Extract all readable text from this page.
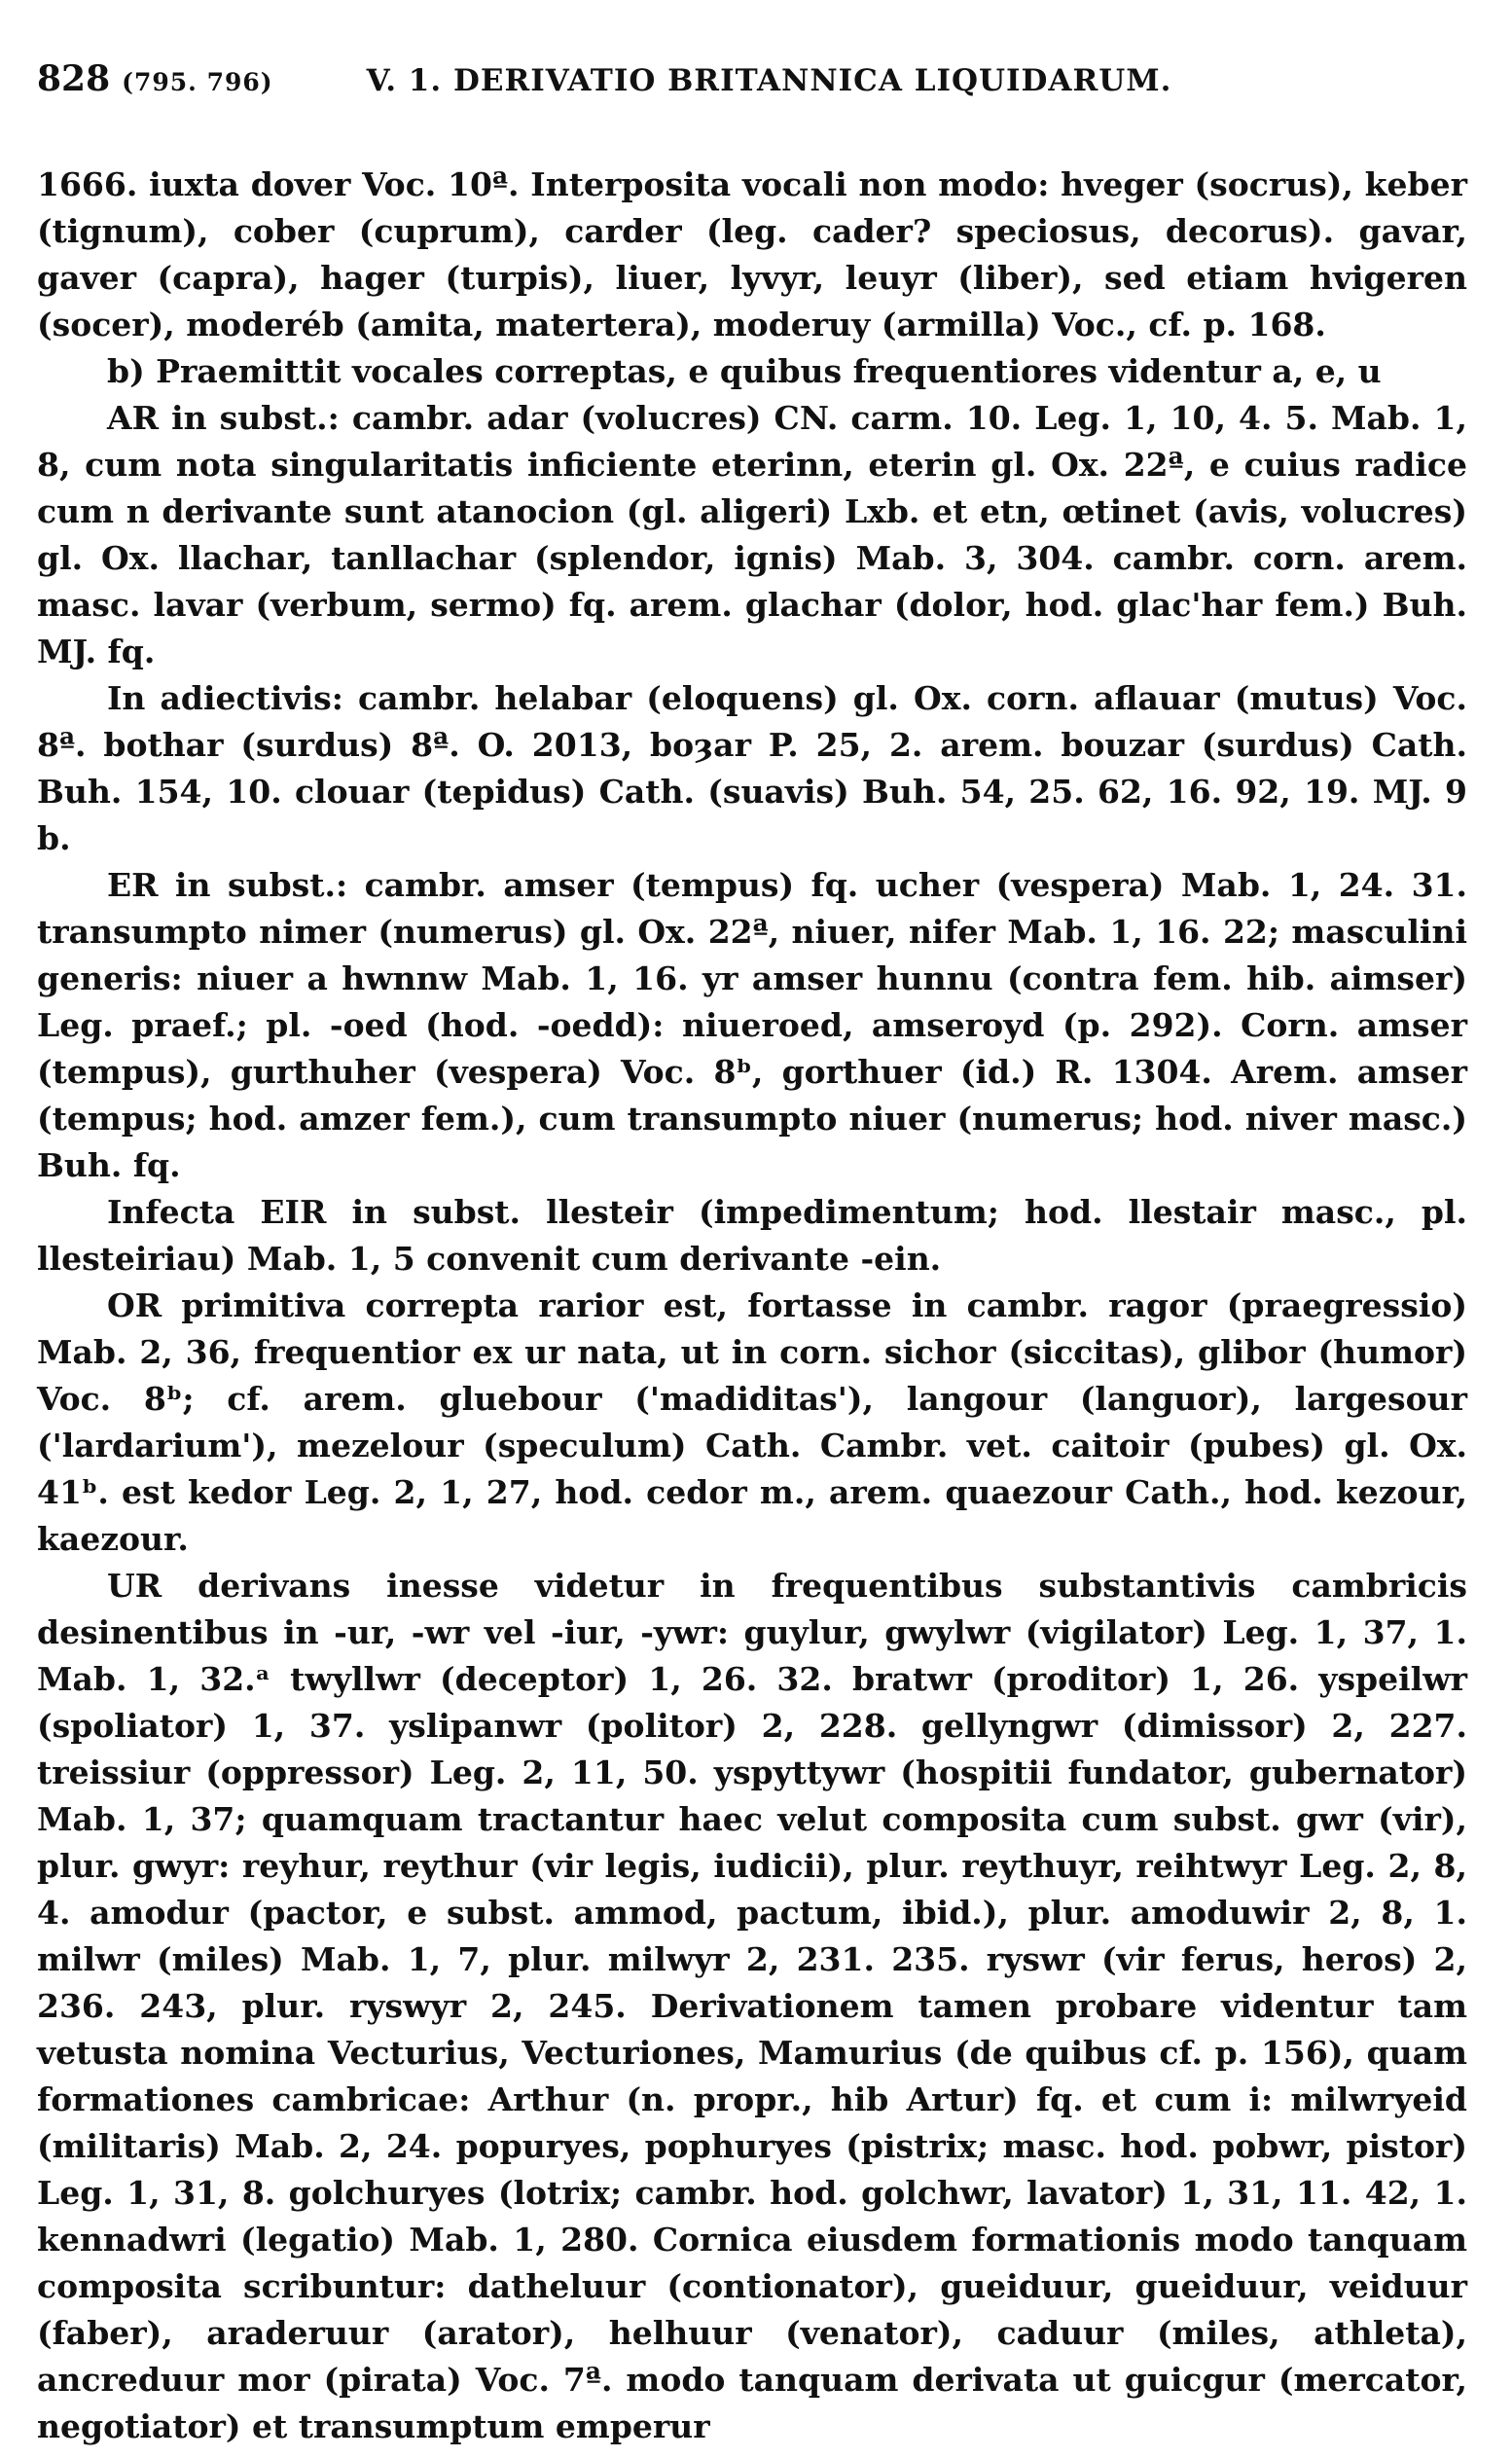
828 (795. 796)	V. 1. DERIVATIO BRITANNICA LIQUIDARUM.

1666. iuxta dover Voc. 10ª. Interposita vocali non modo: hveger (socrus), keber (tignum), cober (cuprum), carder (leg. cader? speciosus, decorus). gavar, gaver (capra), hager (turpis), liuer, lyvyr, leuyr (liber), sed etiam hvigeren (socer), moderéb (amita, matertera), moderuy (armilla) Voc., cf. p. 168.

b) Praemittit vocales correptas, e quibus frequentiores videntur a, e, u

AR in subst.: cambr. adar (volucres) CN. carm. 10. Leg. 1, 10, 4. 5. Mab. 1, 8, cum nota singularitatis inficiente eterinn, eterin gl. Ox. 22ª, e cuius radice cum n derivante sunt atanocion (gl. aligeri) Lxb. et etn, œtinet (avis, volucres) gl. Ox. llachar, tanllachar (splendor, ignis) Mab. 3, 304. cambr. corn. arem. masc. lavar (verbum, sermo) fq. arem. glachar (dolor, hod. glac'har fem.) Buh. MJ. fq.

In adiectivis: cambr. helabar (eloquens) gl. Ox. corn. aflauar (mutus) Voc. 8ª. bothar (surdus) 8ª. O. 2013, boȝar P. 25, 2. arem. bouzar (surdus) Cath. Buh. 154, 10. clouar (tepidus) Cath. (suavis) Buh. 54, 25. 62, 16. 92, 19. MJ. 9 b.

ER in subst.: cambr. amser (tempus) fq. ucher (vespera) Mab. 1, 24. 31. transumpto nimer (numerus) gl. Ox. 22ª, niuer, nifer Mab. 1, 16. 22; masculini generis: niuer a hwnnw Mab. 1, 16. yr amser hunnu (contra fem. hib. aimser) Leg. praef.; pl. -oed (hod. -oedd): niueroed, amseroyd (p. 292). Corn. amser (tempus), gurthuher (vespera) Voc. 8ᵇ, gorthuer (id.) R. 1304. Arem. amser (tempus; hod. amzer fem.), cum transumpto niuer (numerus; hod. niver masc.) Buh. fq.

Infecta EIR in subst. llesteir (impedimentum; hod. llestair masc., pl. llesteiriau) Mab. 1, 5 convenit cum derivante -ein.

OR primitiva correpta rarior est, fortasse in cambr. ragor (praegressio) Mab. 2, 36, frequentior ex ur nata, ut in corn. sichor (siccitas), glibor (humor) Voc. 8ᵇ; cf. arem. gluebour ('madiditas'), langour (languor), largesour ('lardarium'), mezelour (speculum) Cath. Cambr. vet. caitoir (pubes) gl. Ox. 41ᵇ. est kedor Leg. 2, 1, 27, hod. cedor m., arem. quaezour Cath., hod. kezour, kaezour.

UR derivans inesse videtur in frequentibus substantivis cambricis desinentibus in -ur, -wr vel -iur, -ywr: guylur, gwylwr (vigilator) Leg. 1, 37, 1. Mab. 1, 32.ᵃ twyllwr (deceptor) 1, 26. 32. bratwr (proditor) 1, 26. yspeilwr (spoliator) 1, 37. yslipanwr (politor) 2, 228. gellyngwr (dimissor) 2, 227. treissiur (oppressor) Leg. 2, 11, 50. yspyttywr (hospitii fundator, gubernator) Mab. 1, 37; quamquam tractantur haec velut composita cum subst. gwr (vir), plur. gwyr: reyhur, reythur (vir legis, iudicii), plur. reythuyr, reihtwyr Leg. 2, 8, 4. amodur (pactor, e subst. ammod, pactum, ibid.), plur. amoduwir 2, 8, 1. milwr (miles) Mab. 1, 7, plur. milwyr 2, 231. 235. ryswr (vir ferus, heros) 2, 236. 243, plur. ryswyr 2, 245. Derivationem tamen probare videntur tam vetusta nomina Vecturius, Vecturiones, Mamurius (de quibus cf. p. 156), quam formationes cambricae: Arthur (n. propr., hib Artur) fq. et cum i: milwryeid (militaris) Mab. 2, 24. popuryes, pophuryes (pistrix; masc. hod. pobwr, pistor) Leg. 1, 31, 8. golchuryes (lotrix; cambr. hod. golchwr, lavator) 1, 31, 11. 42, 1. kennadwri (legatio) Mab. 1, 280. Cornica eiusdem formationis modo tanquam composita scribuntur: datheluur (contionator), gueiduur, gueiduur, veiduur (faber), araderuur (arator), helhuur (venator), caduur (miles, athleta), ancreduur mor (pirata) Voc. 7ª. modo tanquam derivata ut guicgur (mercator, negotiator) et transumptum emperur
